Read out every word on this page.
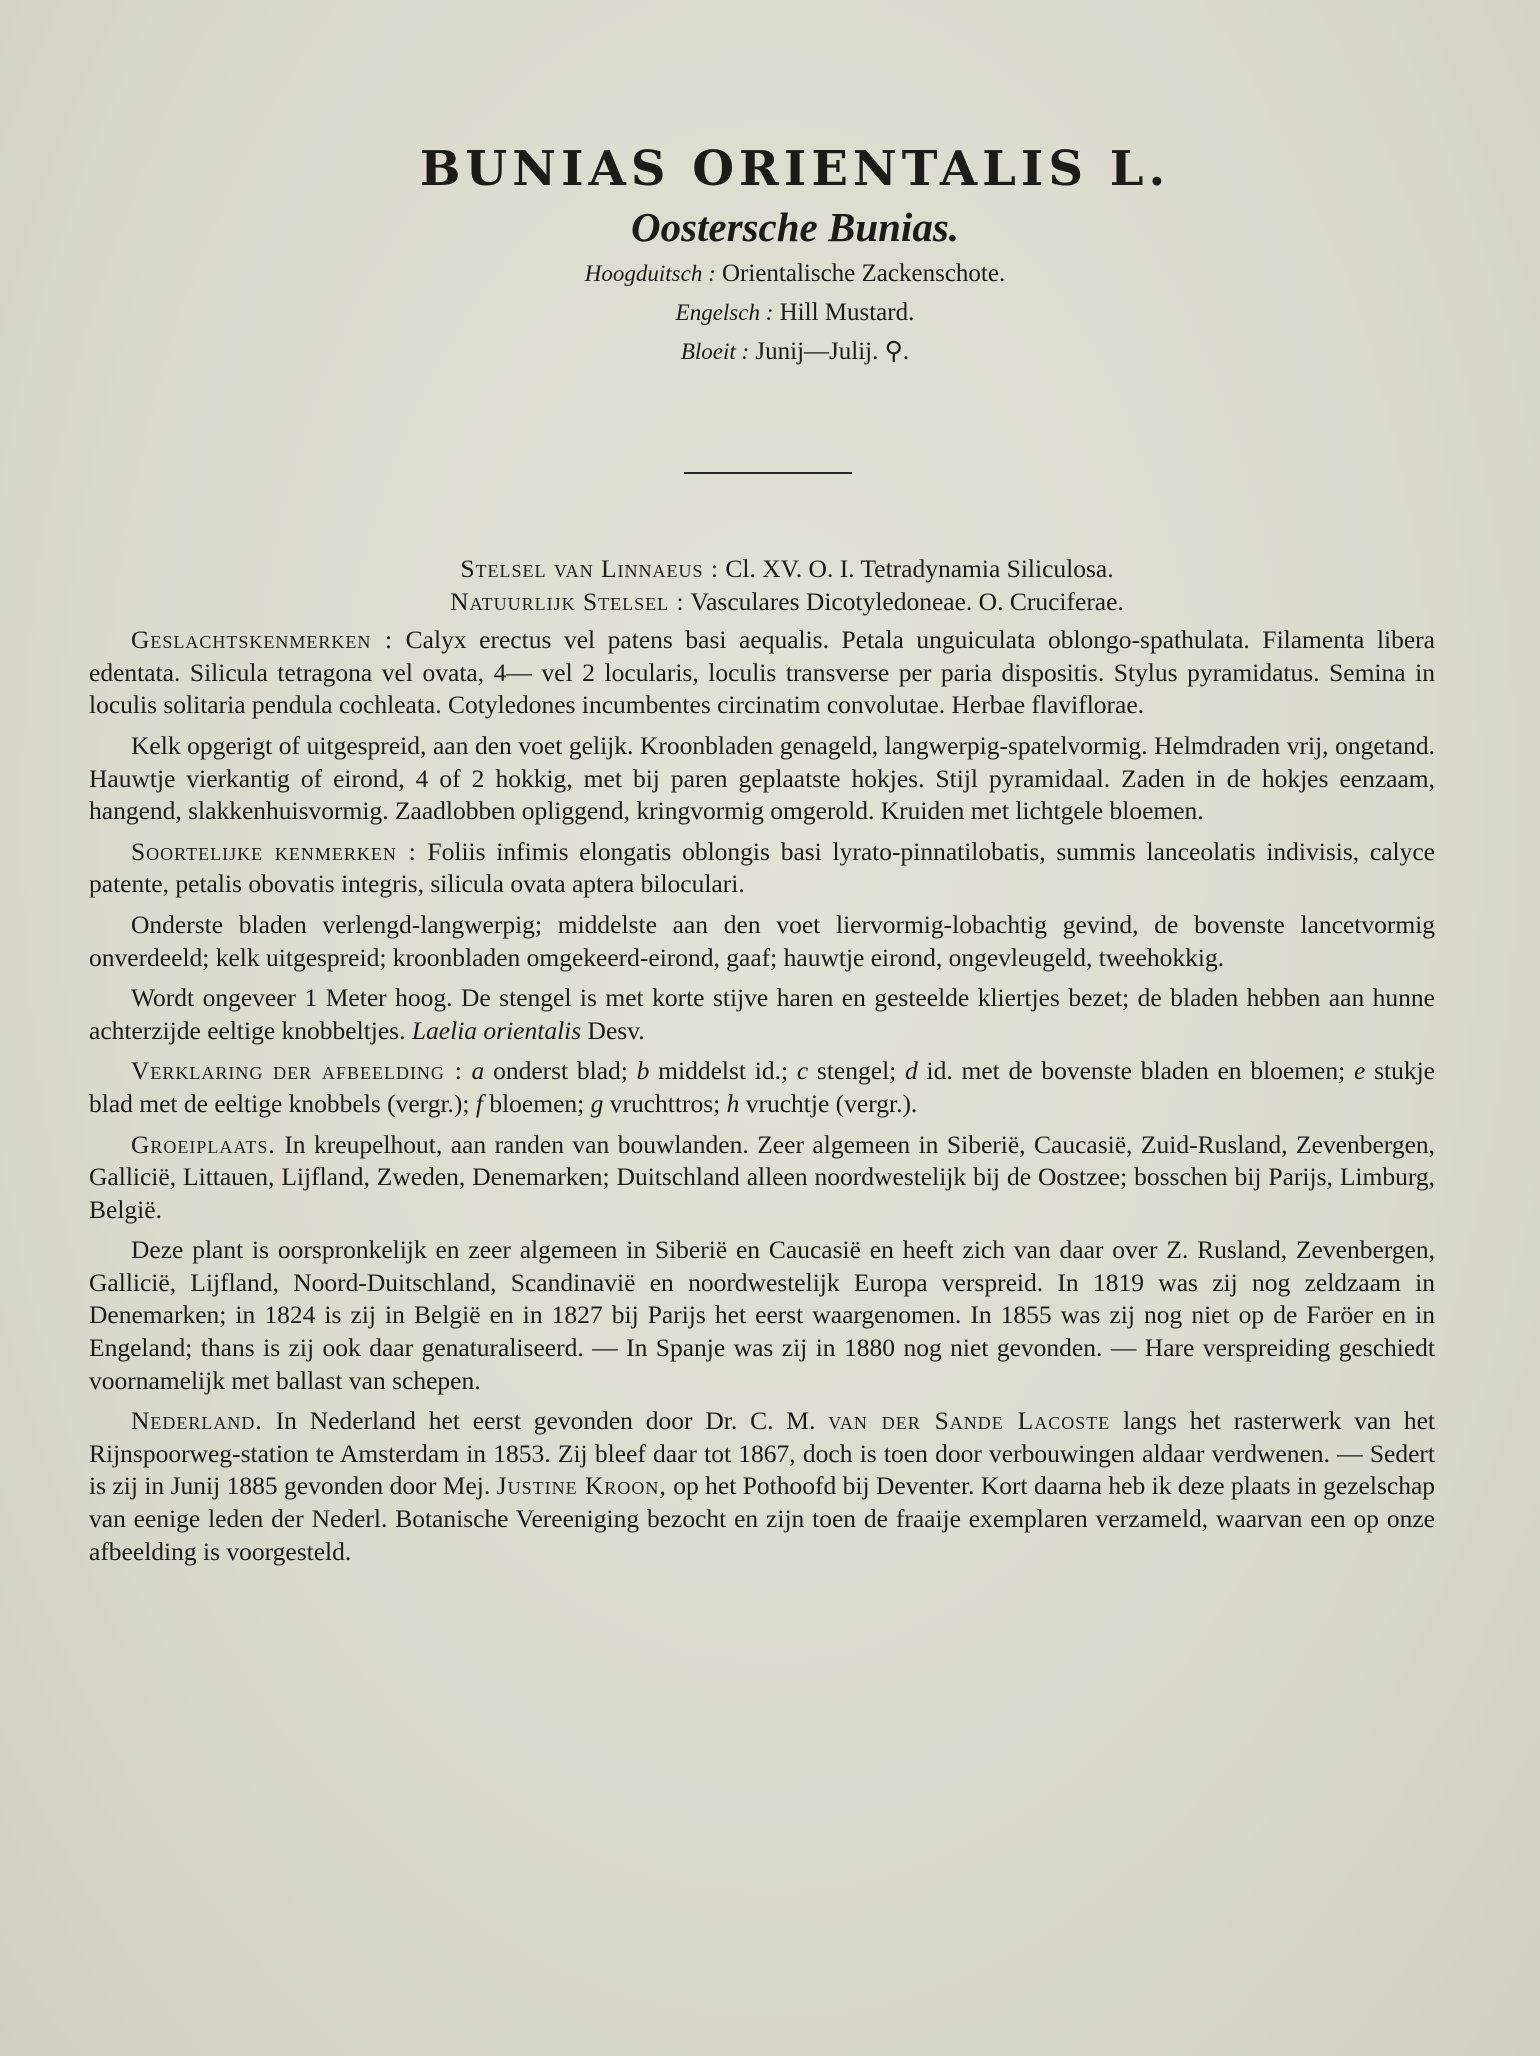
BUNIAS ORIENTALIS L.
Oostersche Bunias.
Hoogduitsch : Orientalische Zackenschote.
Engelsch : Hill Mustard.
Bloeit : Junij—Julij. ⚲.
Stelsel van Linnaeus : Cl. XV. O. I. Tetradynamia Siliculosa.
Natuurlijk Stelsel : Vasculares Dicotyledoneae. O. Cruciferae.

Geslachtskenmerken : Calyx erectus vel patens basi aequalis. Petala unguiculata oblongo-spathulata. Filamenta libera edentata. Silicula tetragona vel ovata, 4— vel 2 locularis, loculis transverse per paria dispositis. Stylus pyramidatus. Semina in loculis solitaria pendula cochleata. Cotyledones incumbentes circinatim convolutae. Herbae flaviflorae.

Kelk opgerigt of uitgespreid, aan den voet gelijk. Kroonbladen genageld, langwerpig-spatelvormig. Helmdraden vrij, ongetand. Hauwtje vierkantig of eirond, 4 of 2 hokkig, met bij paren geplaatste hokjes. Stijl pyramidaal. Zaden in de hokjes eenzaam, hangend, slakkenhuisvormig. Zaadlobben opliggend, kringvormig omgerold. Kruiden met lichtgele bloemen.

Soortelijke kenmerken : Foliis infimis elongatis oblongis basi lyrato-pinnatilobatis, summis lanceolatis indivisis, calyce patente, petalis obovatis integris, silicula ovata aptera biloculari.

Onderste bladen verlengd-langwerpig; middelste aan den voet liervormig-lobachtig gevind, de bovenste lancetvormig onverdeeld; kelk uitgespreid; kroonbladen omgekeerd-eirond, gaaf; hauwtje eirond, ongevleugeld, tweehokkig.

Wordt ongeveer 1 Meter hoog. De stengel is met korte stijve haren en gesteelde kliertjes bezet; de bladen hebben aan hunne achterzijde eeltige knobbeltjes. Laelia orientalis Desv.

Verklaring der afbeelding : a onderst blad; b middelst id.; c stengel; d id. met de bovenste bladen en bloemen; e stukje blad met de eeltige knobbels (vergr.); f bloemen; g vruchttros; h vruchtje (vergr.).

Groeiplaats. In kreupelhout, aan randen van bouwlanden. Zeer algemeen in Siberië, Caucasië, Zuid-Rusland, Zevenbergen, Gallicië, Littauen, Lijfland, Zweden, Denemarken; Duitschland alleen noordwestelijk bij de Oostzee; bosschen bij Parijs, Limburg, België.

Deze plant is oorspronkelijk en zeer algemeen in Siberië en Caucasië en heeft zich van daar over Z. Rusland, Zevenbergen, Gallicië, Lijfland, Noord-Duitschland, Scandinavië en noordwestelijk Europa verspreid. In 1819 was zij nog zeldzaam in Denemarken; in 1824 is zij in België en in 1827 bij Parijs het eerst waargenomen. In 1855 was zij nog niet op de Faröer en in Engeland; thans is zij ook daar genaturaliseerd. — In Spanje was zij in 1880 nog niet gevonden. — Hare verspreiding geschiedt voornamelijk met ballast van schepen.

Nederland. In Nederland het eerst gevonden door Dr. C. M. van der Sande Lacoste langs het rasterwerk van het Rijnspoorweg-station te Amsterdam in 1853. Zij bleef daar tot 1867, doch is toen door verbouwingen aldaar verdwenen. — Sedert is zij in Junij 1885 gevonden door Mej. Justine Kroon, op het Pothoofd bij Deventer. Kort daarna heb ik deze plaats in gezelschap van eenige leden der Nederl. Botanische Vereeniging bezocht en zijn toen de fraaije exemplaren verzameld, waarvan een op onze afbeelding is voorgesteld.
